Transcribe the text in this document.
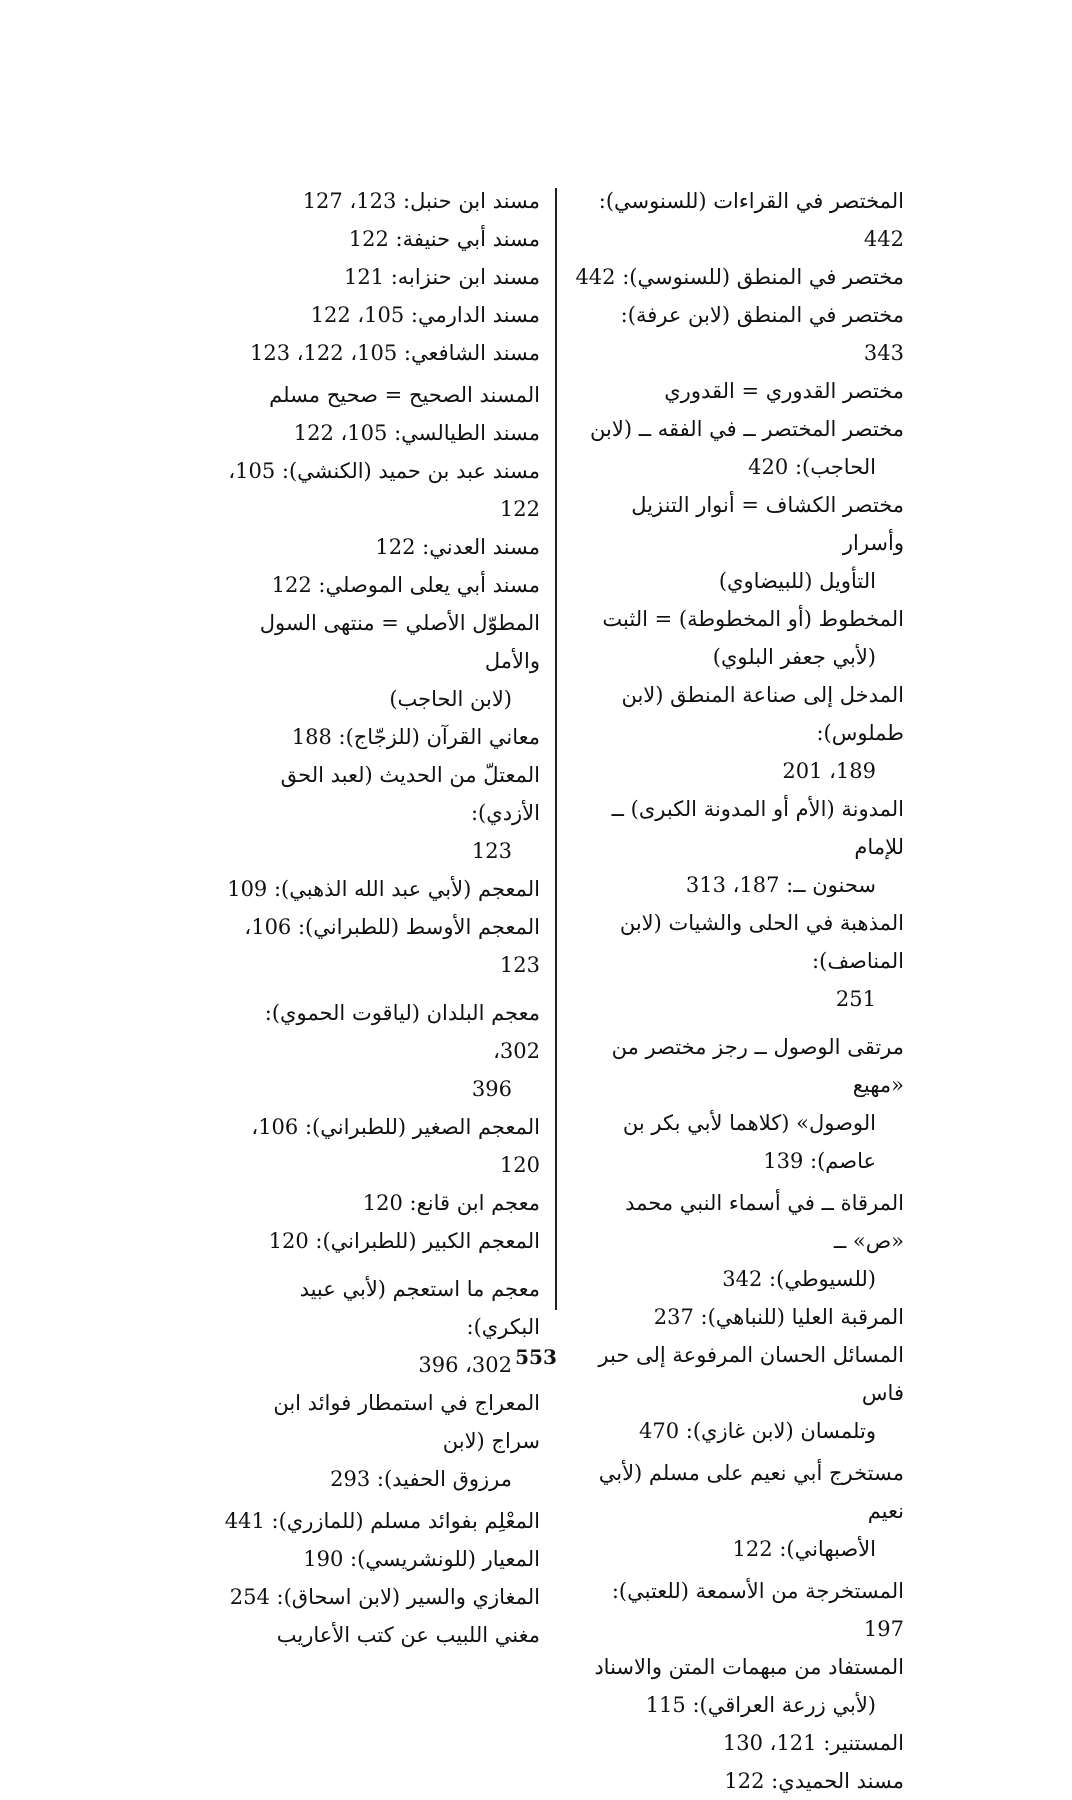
المختصر في القراءات (للسنوسي): 442
مختصر في المنطق (للسنوسي): 442
مختصر في المنطق (لابن عرفة): 343
مختصر القدوري = القدوري
مختصر المختصر ــ في الفقه ــ (لابن
الحاجب): 420
مختصر الكشاف = أنوار التنزيل وأسرار
التأويل (للبيضاوي)
المخطوط (أو المخطوطة) = الثبت
(لأبي جعفر البلوي)
المدخل إلى صناعة المنطق (لابن طملوس):
189، 201
المدونة (الأم أو المدونة الكبرى) ــ للإمام
سحنون ــ: 187، 313
المذهبة في الحلى والشيات (لابن المناصف):
251
مرتقى الوصول ــ رجز مختصر من «مهيع
الوصول» (كلاهما لأبي بكر بن
عاصم): 139
المرقاة ــ في أسماء النبي محمد «ص» ــ
(للسيوطي): 342
المرقبة العليا (للنباهي): 237
المسائل الحسان المرفوعة إلى حبر فاس
وتلمسان (لابن غازي): 470
مستخرج أبي نعيم على مسلم (لأبي نعيم
الأصبهاني): 122
المستخرجة من الأسمعة (للعتبي): 197
المستفاد من مبهمات المتن والاسناد
(لأبي زرعة العراقي): 115
المستنير: 121، 130
مسند الحميدي: 122
مسند ابن حنبل: 123، 127
مسند أبي حنيفة: 122
مسند ابن حنزابه: 121
مسند الدارمي: 105، 122
مسند الشافعي: 105، 122، 123
المسند الصحيح = صحيح مسلم
مسند الطيالسي: 105، 122
مسند عبد بن حميد (الكنشي): 105، 122
مسند العدني: 122
مسند أبي يعلى الموصلي: 122
المطوّل الأصلي = منتهى السول والأمل
(لابن الحاجب)
معاني القرآن (للزجّاج): 188
المعتلّ من الحديث (لعبد الحق الأزدي):
123
المعجم (لأبي عبد الله الذهبي): 109
المعجم الأوسط (للطبراني): 106، 123
معجم البلدان (لياقوت الحموي): 302،
396
المعجم الصغير (للطبراني): 106، 120
معجم ابن قانع: 120
المعجم الكبير (للطبراني): 120
معجم ما استعجم (لأبي عبيد البكري):
302، 396
المعراج في استمطار فوائد ابن سراج (لابن
مرزوق الحفيد): 293
المعْلِم بفوائد مسلم (للمازري): 441
المعيار (للونشريسي): 190
المغازي والسير (لابن اسحاق): 254
مغني اللبيب عن كتب الأعاريب
553
